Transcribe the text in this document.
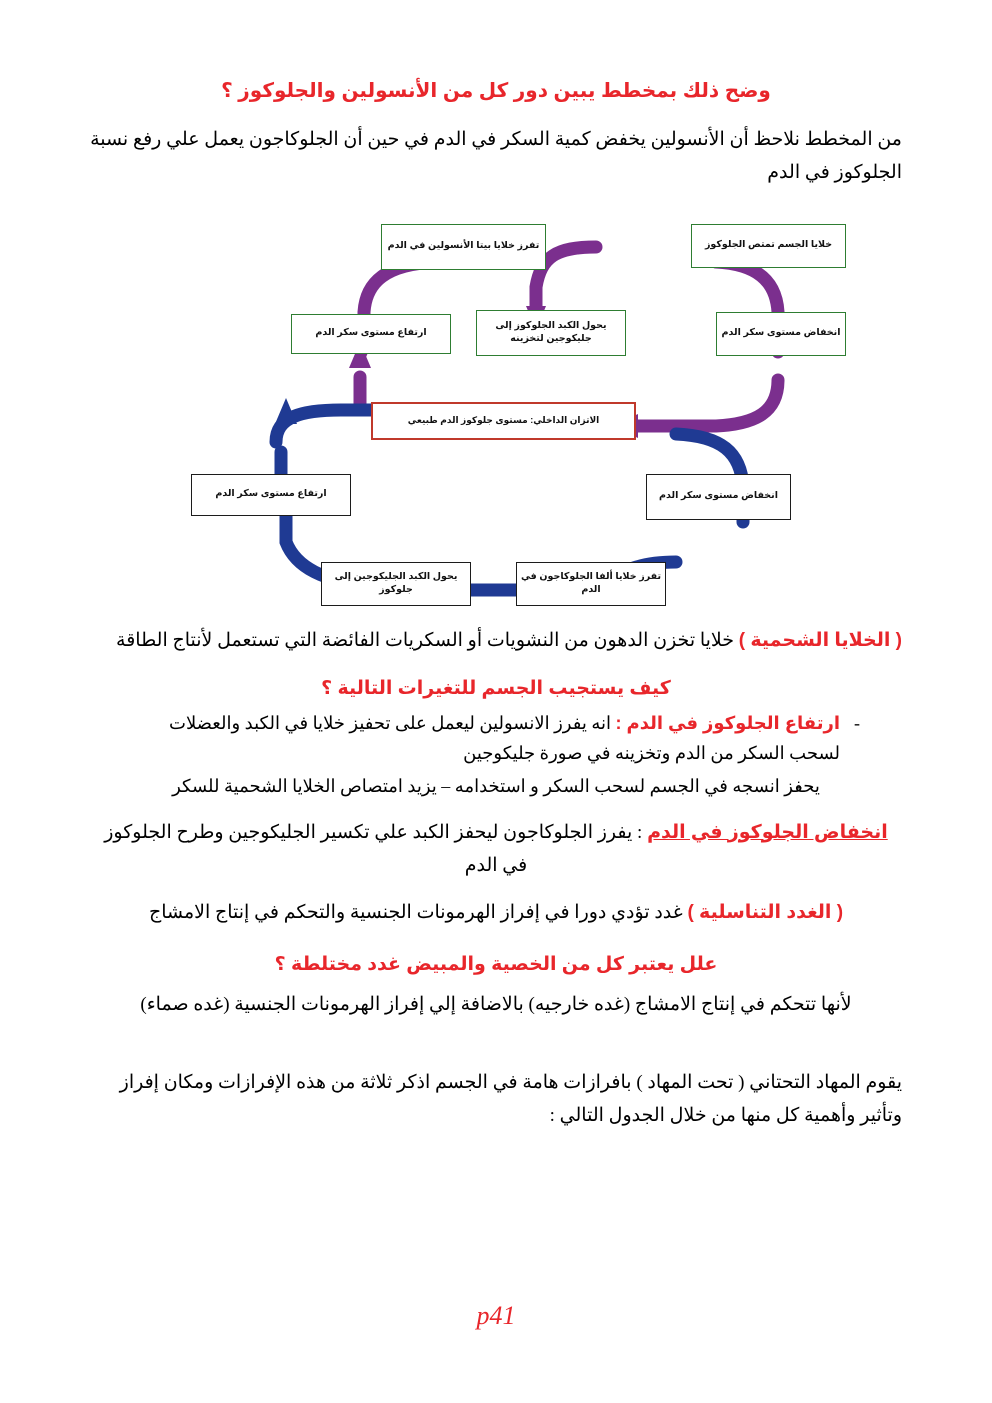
وضح ذلك بمخطط يبين دور كل من الأنسولين والجلوكوز ؟

من المخطط نلاحظ أن الأنسولين يخفض كمية السكر في الدم في حين أن الجلوكاجون يعمل علي رفع نسبة الجلوكوز في الدم

تفرز خلايا بيتا الأنسولين في الدم	خلايا الجسم تمتص الجلوكوز
ارتفاع مستوى سكر الدم
يحول الكبد الجلوكوز إلى جليكوجين لتخزينه	انخفاض مستوى سكر الدم
الاتزان الداخلي: مستوى جلوكوز الدم طبيعي
ارتفاع مستوى سكر الدم	انخفاض مستوى سكر الدم
يحول الكبد الجليكوجين إلى جلوكوز
تفرز خلايا ألفا الجلوكاجون في الدم

( الخلايا الشحمية ) خلايا تخزن الدهون من النشويات أو السكريات الفائضة التي تستعمل لأنتاج الطاقة

كيف يستجيب الجسم للتغيرات التالية ؟
- ارتفاع الجلوكوز في الدم : انه يفرز الانسولين ليعمل على تحفيز خلايا في الكبد والعضلات لسحب السكر من الدم وتخزينه في صورة جليكوجين
- يحفز انسجه في الجسم لسحب السكر و استخدامه – يزيد امتصاص الخلايا الشحمية للسكر

انخفاض الجلوكوز في الدم : يفرز الجلوكاجون ليحفز الكبد علي تكسير الجليكوجين وطرح الجلوكوز في الدم

( الغدد التناسلية ) غدد تؤدي دورا في إفراز الهرمونات الجنسية والتحكم في إنتاج الامشاج

علل يعتبر كل من الخصية والمبيض غدد مختلطة ؟

لأنها تتحكم في إنتاج الامشاج (غده خارجيه) بالاضافة إلي إفراز الهرمونات الجنسية (غده صماء)

يقوم المهاد التحتاني ( تحت المهاد ) بافرازات هامة في الجسم اذكر ثلاثة من هذه الإفرازات ومكان إفراز وتأثير وأهمية كل منها من خلال الجدول التالي :

p41
